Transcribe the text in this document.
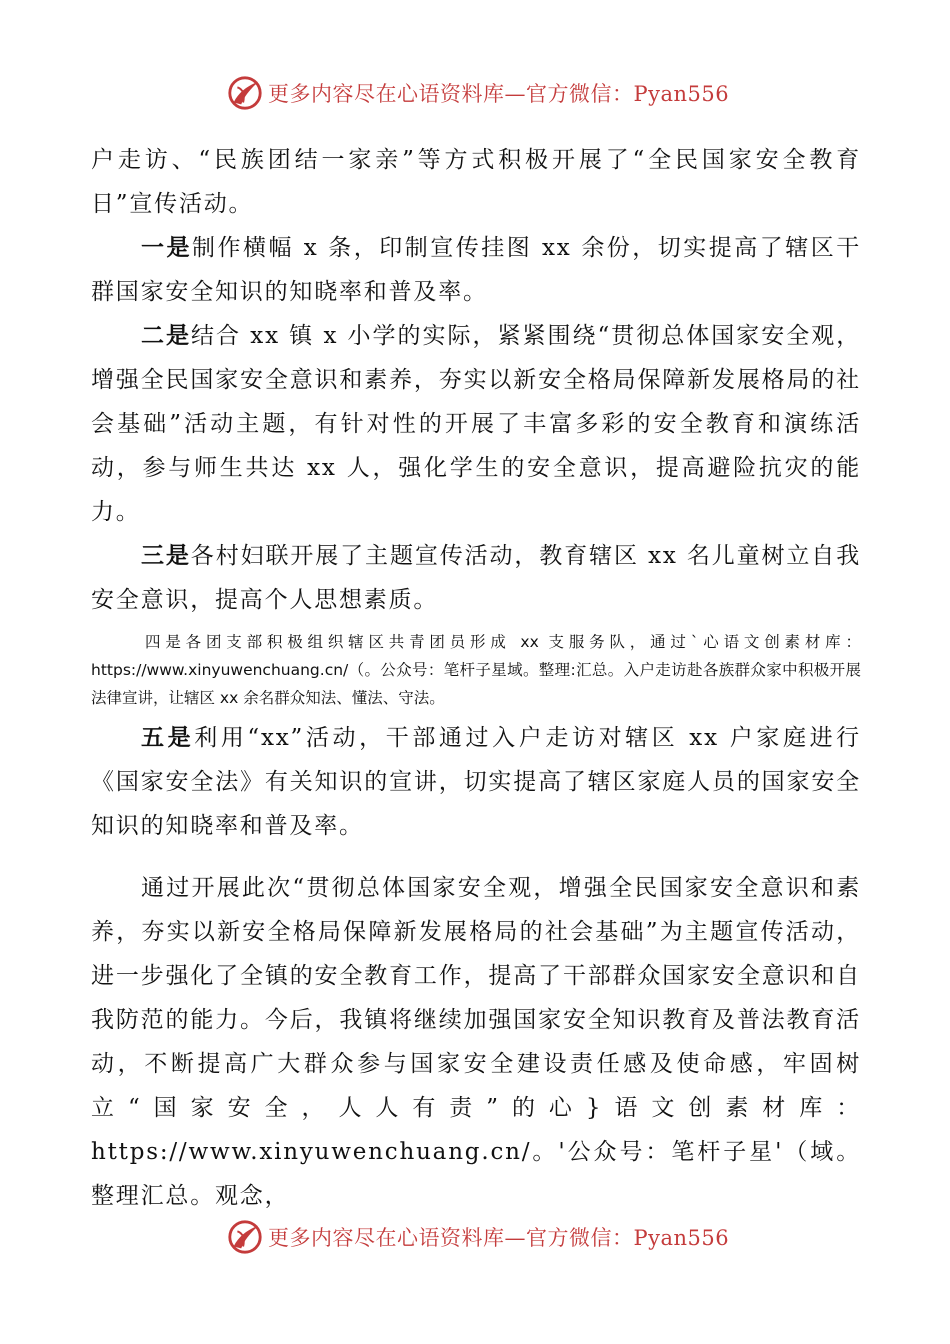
更多内容尽在心语资料库—官方微信：Pyan556

户走访、“民族团结一家亲”等方式积极开展了“全民国家安全教育日”宣传活动。

一是制作横幅 x 条，印制宣传挂图 xx 余份，切实提高了辖区干群国家安全知识的知晓率和普及率。

二是结合 xx 镇 x 小学的实际，紧紧围绕“贯彻总体国家安全观，增强全民国家安全意识和素养，夯实以新安全格局保障新发展格局的社会基础”活动主题，有针对性的开展了丰富多彩的安全教育和演练活动，参与师生共达 xx 人，强化学生的安全意识，提高避险抗灾的能力。

三是各村妇联开展了主题宣传活动，教育辖区 xx 名儿童树立自我安全意识，提高个人思想素质。

四是各团支部积极组织辖区共青团员形成 xx 支服务队，通过`心语文创素材库：https://www.xinyuwenchuang.cn/（。公众号：笔杆子星域。整理:汇总。入户走访赴各族群众家中积极开展法律宣讲，让辖区 xx 余名群众知法、懂法、守法。

五是利用“xx”活动，干部通过入户走访对辖区 xx 户家庭进行《国家安全法》有关知识的宣讲，切实提高了辖区家庭人员的国家安全知识的知晓率和普及率。

通过开展此次“贯彻总体国家安全观，增强全民国家安全意识和素养，夯实以新安全格局保障新发展格局的社会基础”为主题宣传活动，进一步强化了全镇的安全教育工作，提高了干部群众国家安全意识和自我防范的能力。今后，我镇将继续加强国家安全知识教育及普法教育活动，不断提高广大群众参与国家安全建设责任感及使命感，牢固树立“国家安全，人人有责”的心}语文创素材库：https://www.xinyuwenchuang.cn/。'公众号：笔杆子星'（域。整理汇总。观念，

更多内容尽在心语资料库—官方微信：Pyan556
